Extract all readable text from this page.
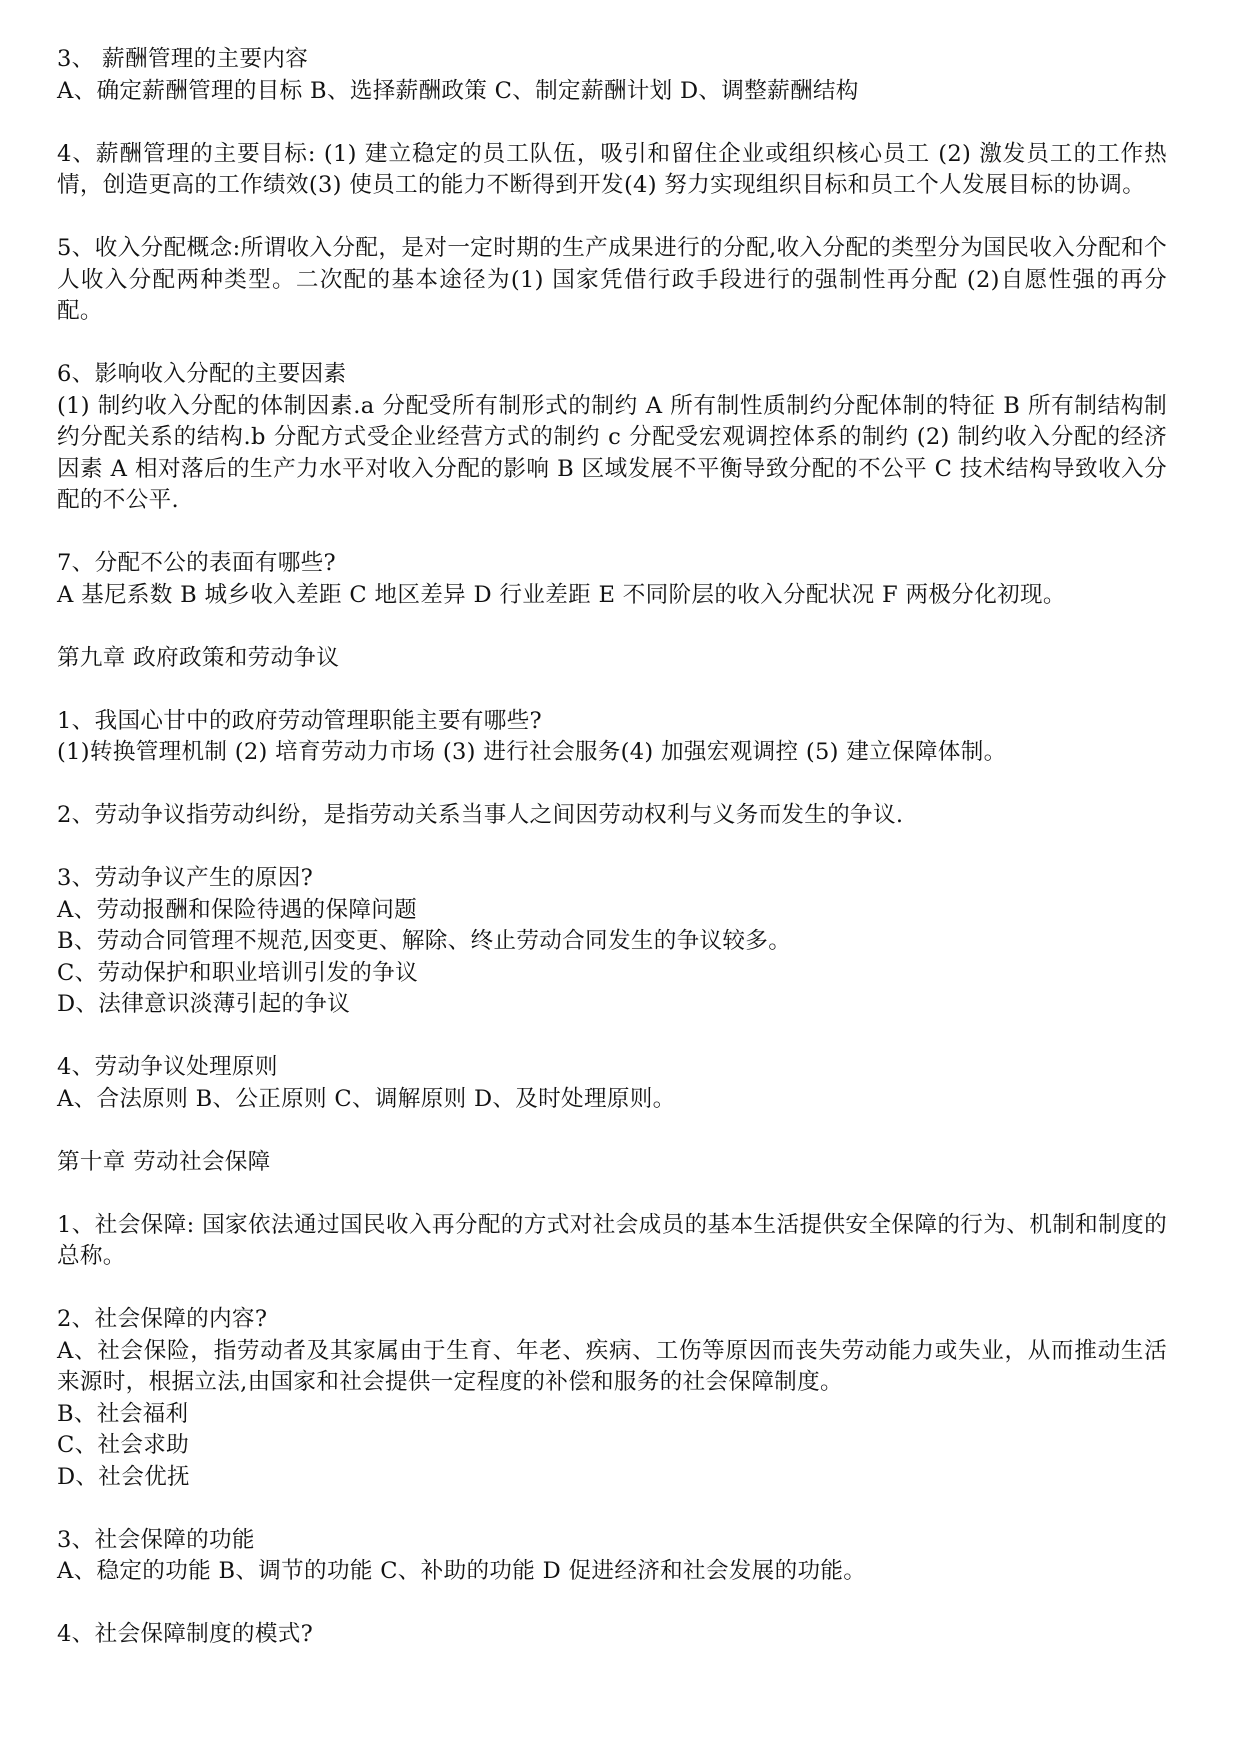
3、 薪酬管理的主要内容
A、确定薪酬管理的目标 B、选择薪酬政策 C、制定薪酬计划 D、调整薪酬结构
4、薪酬管理的主要目标: (1) 建立稳定的员工队伍，吸引和留住企业或组织核心员工 (2) 激发员工的工作热情，创造更高的工作绩效(3) 使员工的能力不断得到开发(4) 努力实现组织目标和员工个人发展目标的协调。
5、收入分配概念:所谓收入分配，是对一定时期的生产成果进行的分配,收入分配的类型分为国民收入分配和个人收入分配两种类型。二次配的基本途径为(1) 国家凭借行政手段进行的强制性再分配 (2)自愿性强的再分配。
6、影响收入分配的主要因素
(1) 制约收入分配的体制因素.a 分配受所有制形式的制约 A 所有制性质制约分配体制的特征 B 所有制结构制约分配关系的结构.b 分配方式受企业经营方式的制约 c 分配受宏观调控体系的制约 (2) 制约收入分配的经济因素 A 相对落后的生产力水平对收入分配的影响 B 区域发展不平衡导致分配的不公平 C 技术结构导致收入分配的不公平.
7、分配不公的表面有哪些?
A 基尼系数 B 城乡收入差距 C 地区差异 D 行业差距 E 不同阶层的收入分配状况 F 两极分化初现。
第九章 政府政策和劳动争议
1、我国心甘中的政府劳动管理职能主要有哪些?
(1)转换管理机制 (2) 培育劳动力市场 (3) 进行社会服务(4) 加强宏观调控 (5) 建立保障体制。
2、劳动争议指劳动纠纷，是指劳动关系当事人之间因劳动权利与义务而发生的争议.
3、劳动争议产生的原因?
A、劳动报酬和保险待遇的保障问题
B、劳动合同管理不规范,因变更、解除、终止劳动合同发生的争议较多。
C、劳动保护和职业培训引发的争议
D、法律意识淡薄引起的争议
4、劳动争议处理原则
A、合法原则 B、公正原则 C、调解原则 D、及时处理原则。
第十章 劳动社会保障
1、社会保障: 国家依法通过国民收入再分配的方式对社会成员的基本生活提供安全保障的行为、机制和制度的总称。
2、社会保障的内容?
A、社会保险，指劳动者及其家属由于生育、年老、疾病、工伤等原因而丧失劳动能力或失业，从而推动生活来源时，根据立法,由国家和社会提供一定程度的补偿和服务的社会保障制度。
B、社会福利
C、社会求助
D、社会优抚
3、社会保障的功能
A、稳定的功能 B、调节的功能 C、补助的功能 D 促进经济和社会发展的功能。
4、社会保障制度的模式?
